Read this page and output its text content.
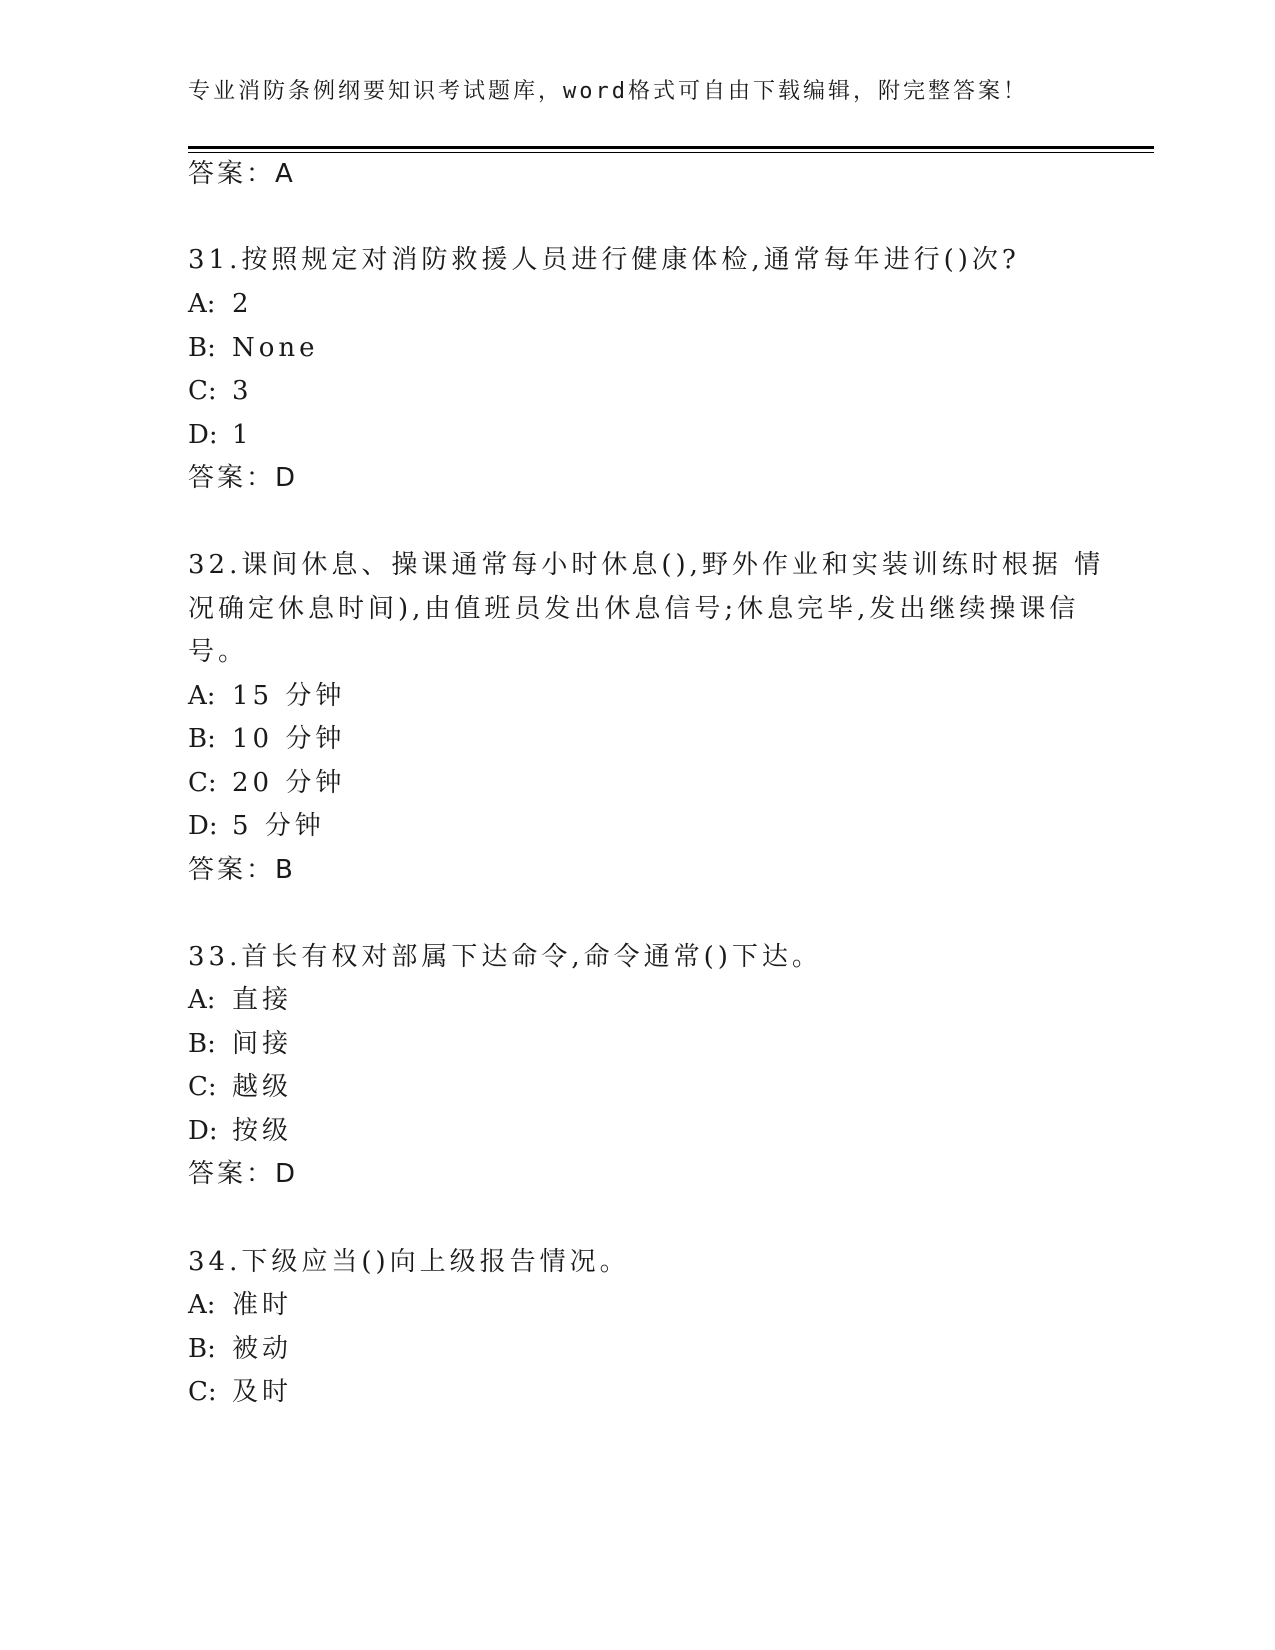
专业消防条例纲要知识考试题库，word格式可自由下载编辑，附完整答案！
答案：A
31.按照规定对消防救援人员进行健康体检,通常每年进行()次?
A: 2
B: None
C: 3
D: 1
答案：D
32.课间休息、操课通常每小时休息(),野外作业和实装训练时根据 情
况确定休息时间),由值班员发出休息信号;休息完毕,发出继续操课信
号。
A: 15 分钟
B: 10 分钟
C: 20 分钟
D: 5 分钟
答案：B
33.首长有权对部属下达命令,命令通常()下达。
A: 直接
B: 间接
C: 越级
D: 按级
答案：D
34.下级应当()向上级报告情况。
A: 准时
B: 被动
C: 及时
